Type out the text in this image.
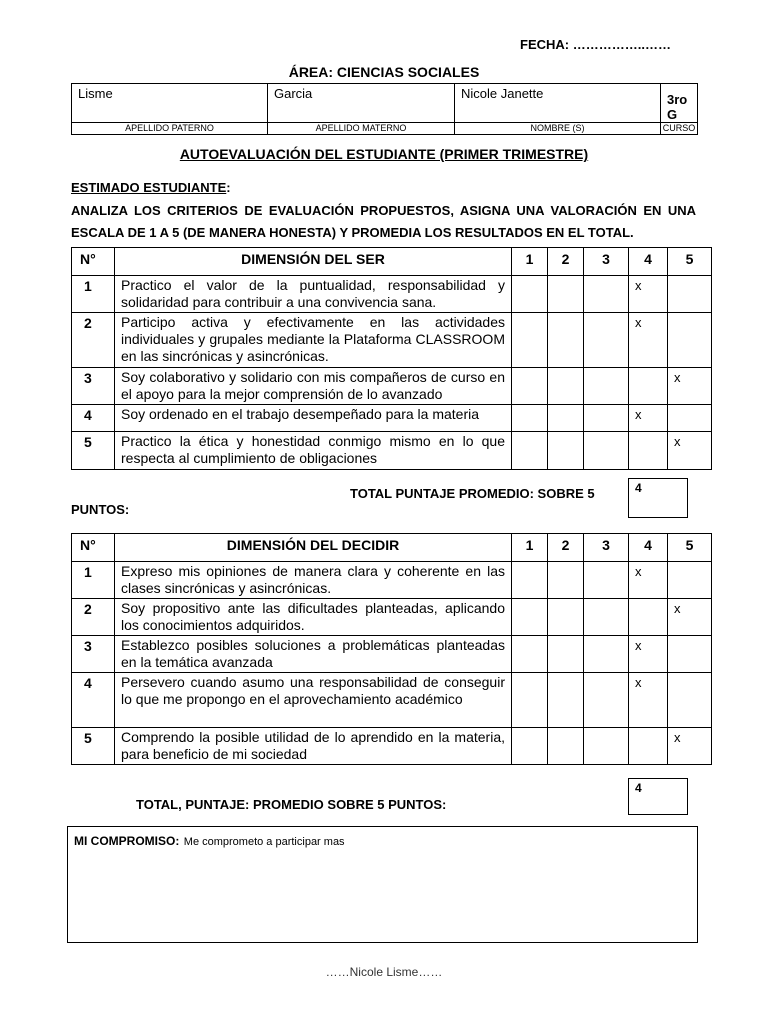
FECHA: ……………..……
ÁREA: CIENCIAS SOCIALES
Lisme	Garcia	Nicole Janette	3ro G
APELLIDO PATERNO	APELLIDO MATERNO	NOMBRE (S)	CURSO
AUTOEVALUACIÓN DEL ESTUDIANTE (PRIMER TRIMESTRE)
ESTIMADO ESTUDIANTE:
ANALIZA LOS CRITERIOS DE EVALUACIÓN PROPUESTOS, ASIGNA UNA VALORACIÓN EN UNA
ESCALA DE 1 A 5 (DE MANERA HONESTA) Y PROMEDIA LOS RESULTADOS EN EL TOTAL.
N°	DIMENSIÓN DEL SER	1	2	3	4	5
1	Practico el valor de la puntualidad, responsabilidad y solidaridad para contribuir a una convivencia sana.				x	
2	Participo activa y efectivamente en las actividades individuales y grupales mediante la Plataforma CLASSROOM en las sincrónicas y asincrónicas.				x	
3	Soy colaborativo y solidario con mis compañeros de curso en el apoyo para la mejor comprensión de lo avanzado					x
4	Soy ordenado en el trabajo desempeñado para la materia				x	
5	Practico la ética y honestidad conmigo mismo en lo que respecta al cumplimiento de obligaciones					x
TOTAL PUNTAJE PROMEDIO: SOBRE 5
PUNTOS:
4
N°	DIMENSIÓN DEL DECIDIR	1	2	3	4	5
1	Expreso mis opiniones de manera clara y coherente en las clases sincrónicas y asincrónicas.				x	
2	Soy propositivo ante las dificultades planteadas, aplicando los conocimientos adquiridos.					x
3	Establezco posibles soluciones a problemáticas planteadas en la temática avanzada				x	
4	Persevero cuando asumo una responsabilidad de conseguir lo que me propongo en el aprovechamiento académico				x	
5	Comprendo la posible utilidad de lo aprendido en la materia, para beneficio de mi sociedad					x
TOTAL, PUNTAJE: PROMEDIO SOBRE 5 PUNTOS:
4
MI COMPROMISO: Me comprometo a participar mas
……Nicole Lisme……
